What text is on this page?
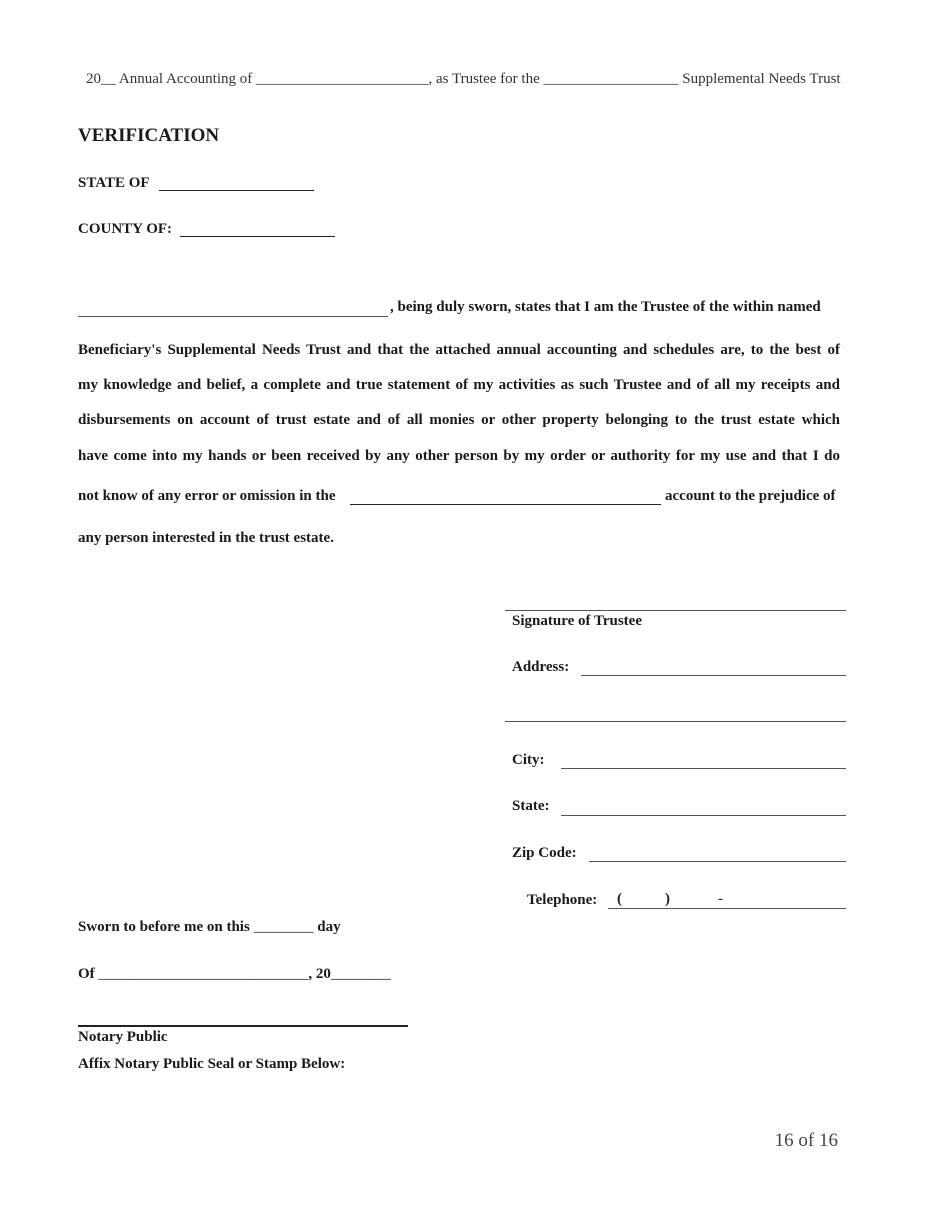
20__ Annual Accounting of _______________________, as Trustee for the __________________ Supplemental Needs Trust
VERIFICATION
STATE OF
COUNTY OF:
, being duly sworn, states that I am the Trustee of the within named
Beneficiary's Supplemental Needs Trust and that the attached annual accounting and schedules are, to the best of
my knowledge and belief, a complete and true statement of my activities as such Trustee and of all my receipts and
disbursements on account of trust estate and of all monies or other property belonging to the trust estate which
have come into my hands or been received by any other person by my order or authority for my use and that I do
not know of any error or omission in the	account to the prejudice of
any person interested in the trust estate.
Signature of Trustee
Address:
City:
State:
Zip Code:
Telephone: (	)	-
Sworn to before me on this ________ day
Of ____________________________, 20________
Notary Public
Affix Notary Public Seal or Stamp Below:
16 of 16
